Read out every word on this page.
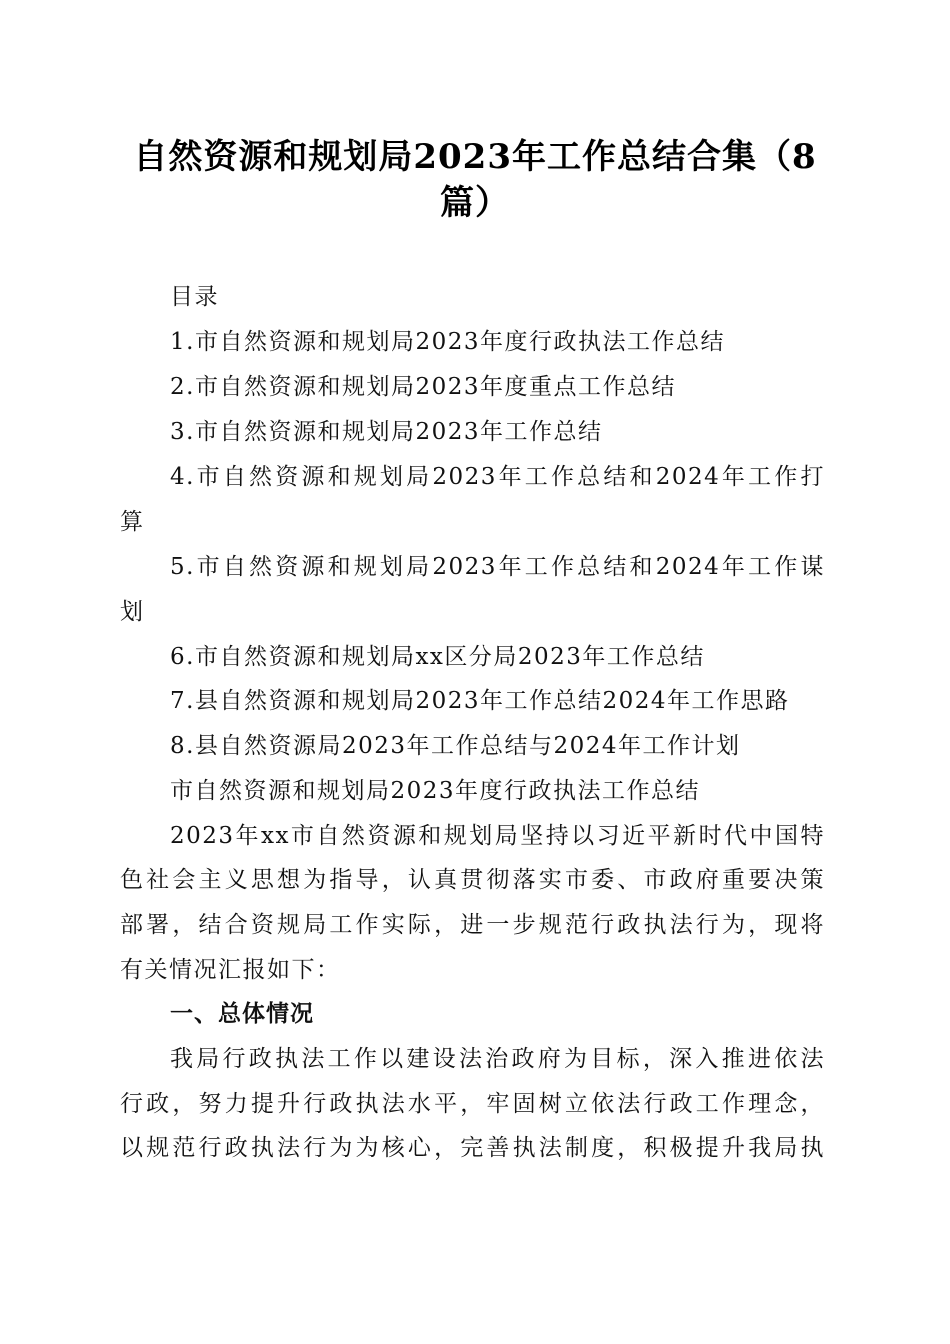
自然资源和规划局2023年工作总结合集（8
篇）
目录
1.市自然资源和规划局2023年度行政执法工作总结
2.市自然资源和规划局2023年度重点工作总结
3.市自然资源和规划局2023年工作总结
4.市自然资源和规划局2023年工作总结和2024年工作打
算
5.市自然资源和规划局2023年工作总结和2024年工作谋
划
6.市自然资源和规划局xx区分局2023年工作总结
7.县自然资源和规划局2023年工作总结2024年工作思路
8.县自然资源局2023年工作总结与2024年工作计划
市自然资源和规划局2023年度行政执法工作总结
2023年xx市自然资源和规划局坚持以习近平新时代中国特
色社会主义思想为指导，认真贯彻落实市委、市政府重要决策
部署，结合资规局工作实际，进一步规范行政执法行为，现将
有关情况汇报如下：
一、总体情况
我局行政执法工作以建设法治政府为目标，深入推进依法
行政，努力提升行政执法水平，牢固树立依法行政工作理念，
以规范行政执法行为为核心，完善执法制度，积极提升我局执
